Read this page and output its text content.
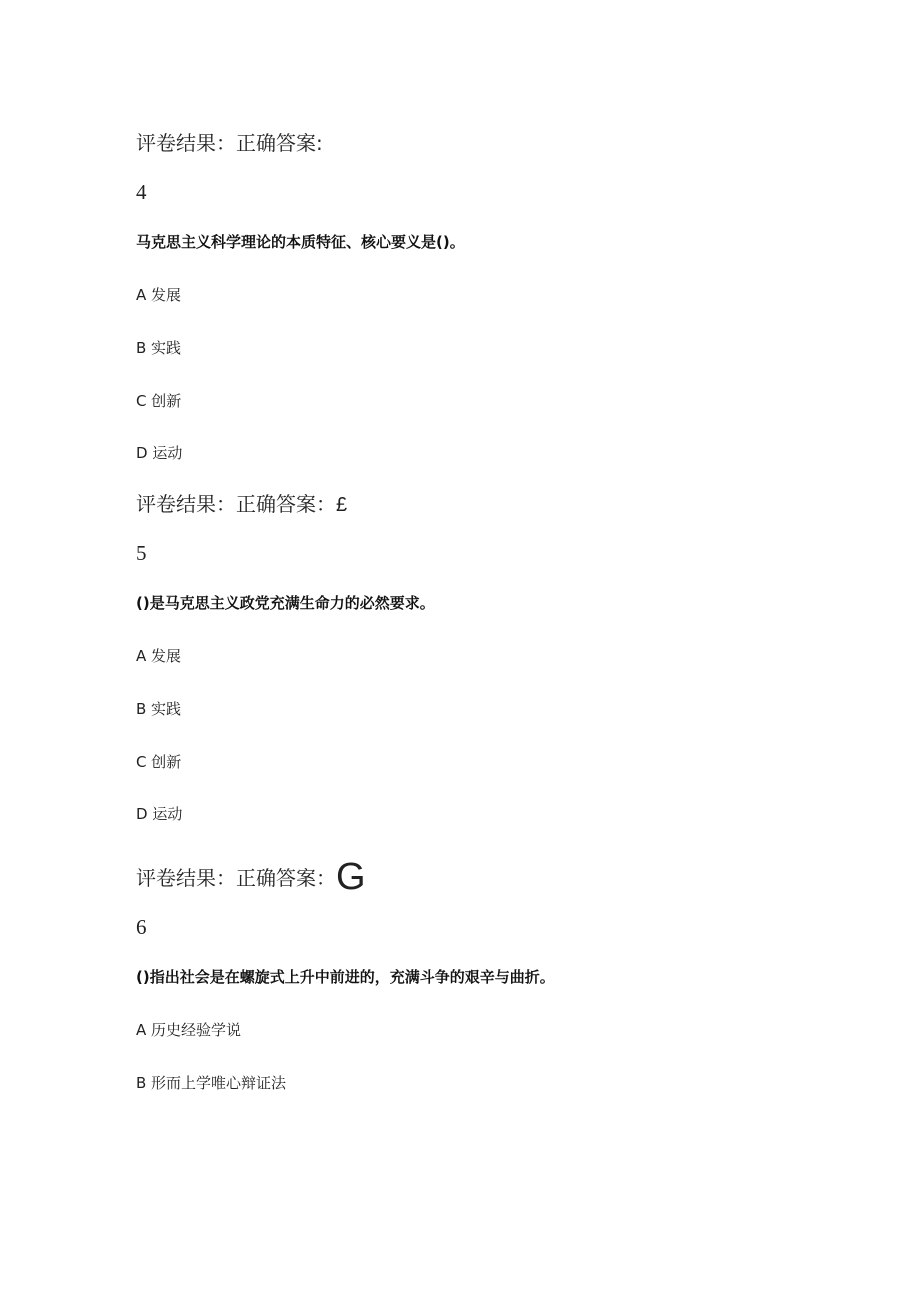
评卷结果：正确答案:
4
马克思主义科学理论的本质特征、核心要义是()。
A 发展
B 实践
C 创新
D 运动
评卷结果：正确答案：£
5
()是马克思主义政党充满生命力的必然要求。
A 发展
B 实践
C 创新
D 运动
评卷结果：正确答案：G
6
()指出社会是在螺旋式上升中前进的，充满斗争的艰辛与曲折。
A 历史经验学说
B 形而上学唯心辩证法
